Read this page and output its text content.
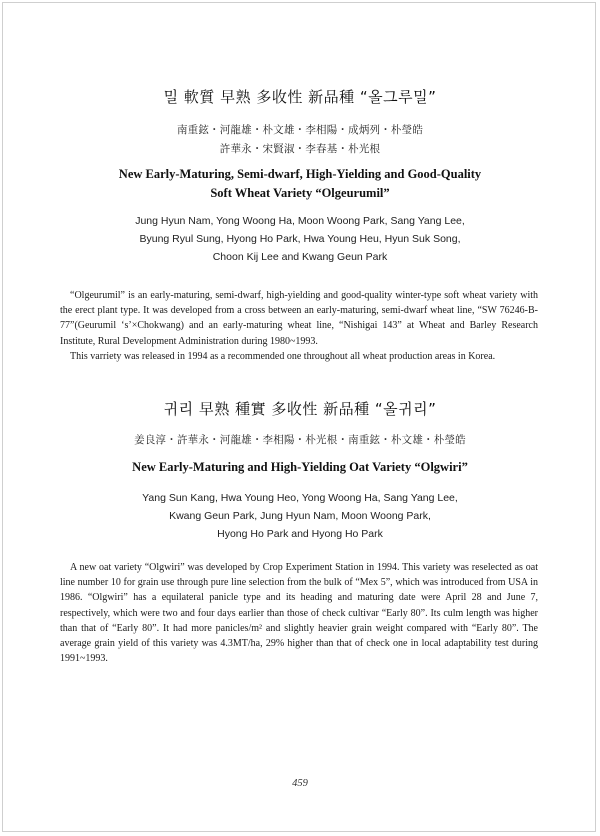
밀 軟質 早熟 多收性 新品種 “올그루밀”
南重鉉・河龍雄・朴文雄・李相陽・成炳列・朴瑩皓
許華永・宋賢淑・李春基・朴光根
New Early-Maturing, Semi-dwarf, High-Yielding and Good-Quality
Soft Wheat Variety “Olgeurumil”
Jung Hyun Nam, Yong Woong Ha, Moon Woong Park, Sang Yang Lee,
Byung Ryul Sung, Hyong Ho Park, Hwa Young Heu, Hyun Suk Song,
Choon Kij Lee and Kwang Geun Park

“Olgeurumil” is an early-maturing, semi-dwarf, high-yielding and good-quality winter-type soft wheat variety with the erect plant type. It was developed from a cross between an early-maturing, semi-dwarf wheat line, “SW 76246-B-77”(Geurumil ‘s’×Chokwang) and an early-maturing wheat line, “Nishigai 143” at Wheat and Barley Research Institute, Rural Development Administration during 1980~1993.

This varriety was released in 1994 as a recommended one throughout all wheat production areas in Korea.

귀리 早熟 種實 多收性 新品種 “올귀리”
姜良淳・許華永・河龍雄・李相陽・朴光根・南重鉉・朴文雄・朴瑩皓
New Early-Maturing and High-Yielding Oat Variety “Olgwiri”
Yang Sun Kang, Hwa Young Heo, Yong Woong Ha, Sang Yang Lee,
Kwang Geun Park, Jung Hyun Nam, Moon Woong Park,
Hyong Ho Park and Hyong Ho Park

A new oat variety “Olgwiri” was developed by Crop Experiment Station in 1994. This variety was reselected as oat line number 10 for grain use through pure line selection from the bulk of “Mex 5”, which was introduced from USA in 1986. “Olgwiri” has a equilateral panicle type and its heading and maturing date were April 28 and June 7, respectively, which were two and four days earlier than those of check cultivar “Early 80”. Its culm length was higher than that of “Early 80”. It had more panicles/m² and slightly heavier grain weight compared with “Early 80”. The average grain yield of this variety was 4.3MT/ha, 29% higher than that of check one in local adaptability test during 1991~1993.

459
